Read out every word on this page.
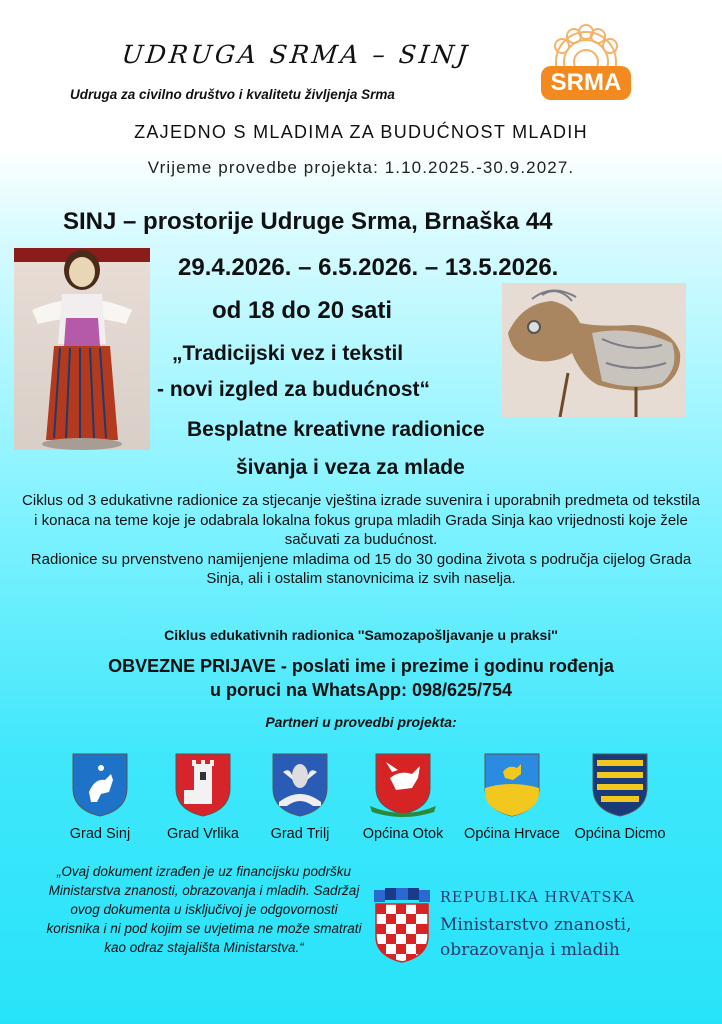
UDRUGA SRMA – SINJ
Udruga za civilno društvo i kvalitetu življenja Srma	SRMA
ZAJEDNO S MLADIMA ZA BUDUĆNOST MLADIH
Vrijeme provedbe projekta: 1.10.2025.-30.9.2027.
SINJ – prostorije Udruge Srma, Brnaška 44
29.4.2026. – 6.5.2026. – 13.5.2026.
od 18 do 20 sati
„Tradicijski vez i tekstil
- novi izgled za budućnost“
Besplatne kreativne radionice
šivanja i veza za mlade

Ciklus od 3 edukativne radionice za stjecanje vještina izrade suvenira i uporabnih predmeta od tekstila i konaca na teme koje je odabrala lokalna fokus grupa mladih Grada Sinja kao vrijednosti koje žele sačuvati za budućnost.

Radionice su prvenstveno namijenjene mladima od 15 do 30 godina života s područja cijelog Grada Sinja, ali i ostalim stanovnicima iz svih naselja.

Ciklus edukativnih radionica ''Samozapošljavanje u praksi''
OBVEZNE PRIJAVE - poslati ime i prezime i godinu rođenja
u poruci na WhatsApp: 098/625/754
Partneri u provedbi projekta:
Grad Sinj	Grad Vrlika	Grad Trilj	Općina Otok	Općina Hrvace	Općina Dicmo
„Ovaj dokument izrađen je uz financijsku podršku Ministarstva znanosti, obrazovanja i mladih. Sadržaj ovog dokumenta u isključivoj je odgovornosti korisnika i ni pod kojim se uvjetima ne može smatrati kao odraz stajališta Ministarstva.“
REPUBLIKA HRVATSKA
Ministarstvo znanosti,
obrazovanja i mladih
